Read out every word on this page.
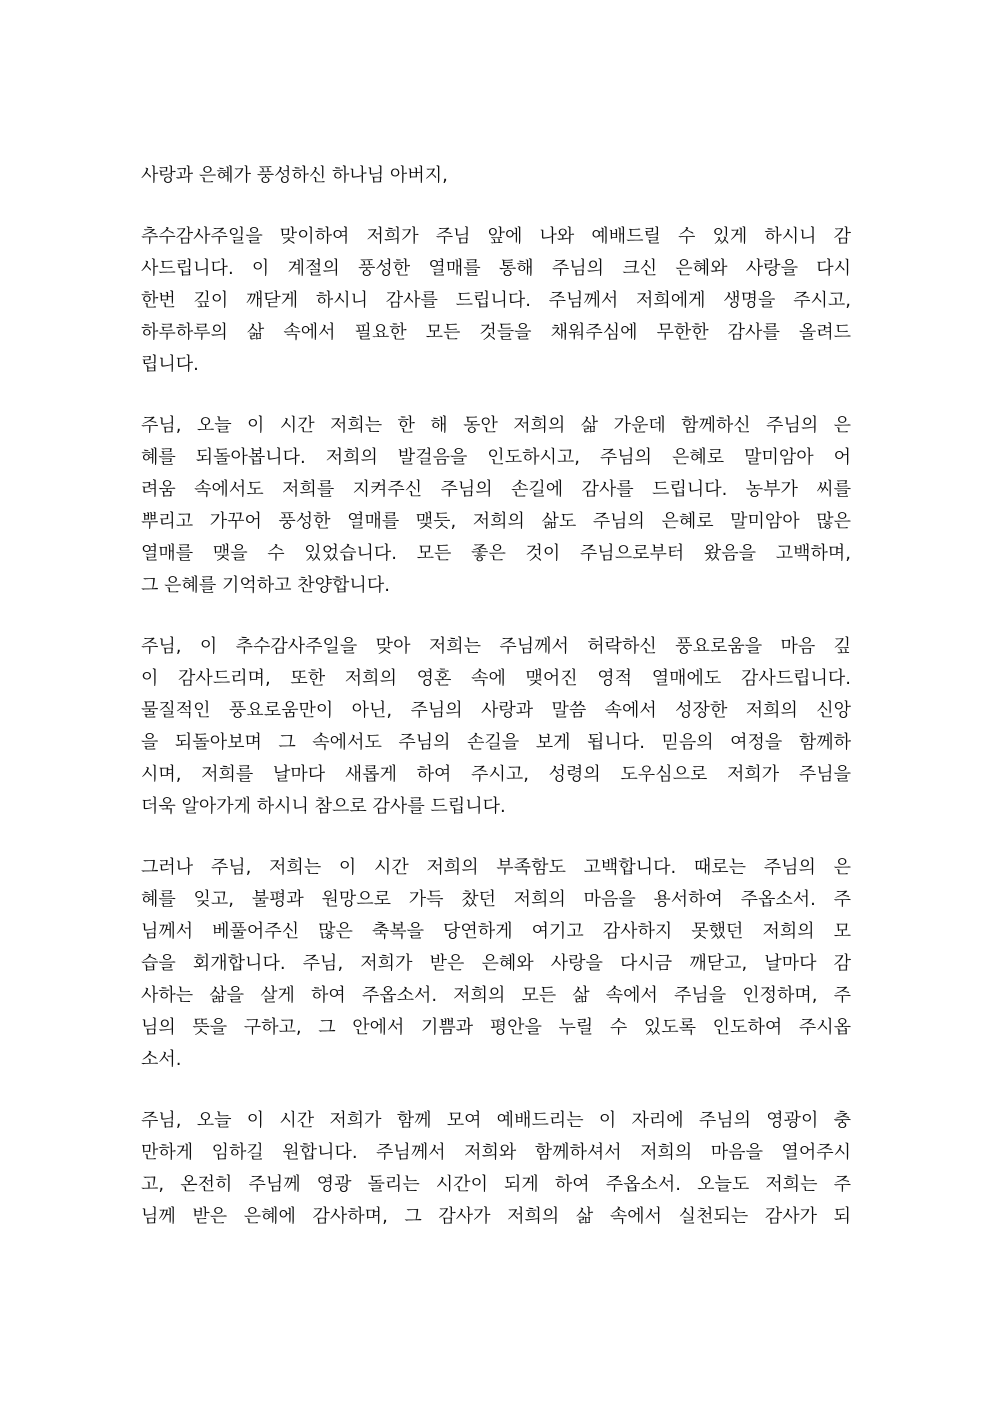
사랑과 은혜가 풍성하신 하나님 아버지,
추수감사주일을 맞이하여 저희가 주님 앞에 나와 예배드릴 수 있게 하시니 감
사드립니다. 이 계절의 풍성한 열매를 통해 주님의 크신 은혜와 사랑을 다시
한번 깊이 깨닫게 하시니 감사를 드립니다. 주님께서 저희에게 생명을 주시고,
하루하루의 삶 속에서 필요한 모든 것들을 채워주심에 무한한 감사를 올려드
립니다.
주님, 오늘 이 시간 저희는 한 해 동안 저희의 삶 가운데 함께하신 주님의 은
혜를 되돌아봅니다. 저희의 발걸음을 인도하시고, 주님의 은혜로 말미암아 어
려움 속에서도 저희를 지켜주신 주님의 손길에 감사를 드립니다. 농부가 씨를
뿌리고 가꾸어 풍성한 열매를 맺듯, 저희의 삶도 주님의 은혜로 말미암아 많은
열매를 맺을 수 있었습니다. 모든 좋은 것이 주님으로부터 왔음을 고백하며,
그 은혜를 기억하고 찬양합니다.
주님, 이 추수감사주일을 맞아 저희는 주님께서 허락하신 풍요로움을 마음 깊
이 감사드리며, 또한 저희의 영혼 속에 맺어진 영적 열매에도 감사드립니다.
물질적인 풍요로움만이 아닌, 주님의 사랑과 말씀 속에서 성장한 저희의 신앙
을 되돌아보며 그 속에서도 주님의 손길을 보게 됩니다. 믿음의 여정을 함께하
시며, 저희를 날마다 새롭게 하여 주시고, 성령의 도우심으로 저희가 주님을
더욱 알아가게 하시니 참으로 감사를 드립니다.
그러나 주님, 저희는 이 시간 저희의 부족함도 고백합니다. 때로는 주님의 은
혜를 잊고, 불평과 원망으로 가득 찼던 저희의 마음을 용서하여 주옵소서. 주
님께서 베풀어주신 많은 축복을 당연하게 여기고 감사하지 못했던 저희의 모
습을 회개합니다. 주님, 저희가 받은 은혜와 사랑을 다시금 깨닫고, 날마다 감
사하는 삶을 살게 하여 주옵소서. 저희의 모든 삶 속에서 주님을 인정하며, 주
님의 뜻을 구하고, 그 안에서 기쁨과 평안을 누릴 수 있도록 인도하여 주시옵
소서.
주님, 오늘 이 시간 저희가 함께 모여 예배드리는 이 자리에 주님의 영광이 충
만하게 임하길 원합니다. 주님께서 저희와 함께하셔서 저희의 마음을 열어주시
고, 온전히 주님께 영광 돌리는 시간이 되게 하여 주옵소서. 오늘도 저희는 주
님께 받은 은혜에 감사하며, 그 감사가 저희의 삶 속에서 실천되는 감사가 되
